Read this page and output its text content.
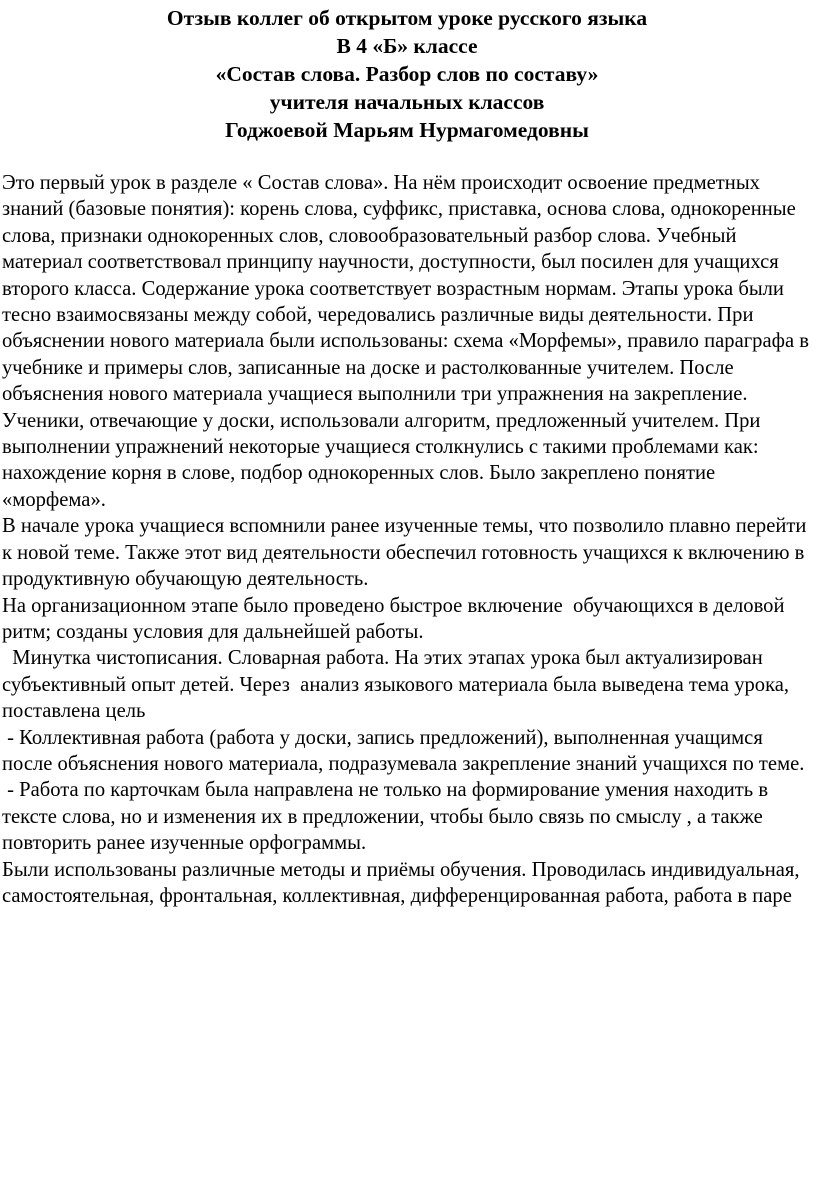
Отзыв коллег об открытом уроке русского языка
В 4 «Б» классе
«Состав слова. Разбор слов по составу»
учителя начальных классов
Годжоевой Марьям Нурмагомедовны

Это первый урок в разделе « Состав слова». На нём происходит освоение предметных знаний (базовые понятия): корень слова, суффикс, приставка, основа слова, однокоренные слова, признаки однокоренных слов, словообразовательный разбор слова. Учебный материал соответствовал принципу научности, доступности, был посилен для учащихся второго класса. Содержание урока соответствует возрастным нормам. Этапы урока были тесно взаимосвязаны между собой, чередовались различные виды деятельности. При объяснении нового материала были использованы: схема «Морфемы», правило параграфа в учебнике и примеры слов, записанные на доске и растолкованные учителем. После объяснения нового материала учащиеся выполнили три упражнения на закрепление. Ученики, отвечающие у доски, использовали алгоритм, предложенный учителем. При выполнении упражнений некоторые учащиеся столкнулись с такими проблемами как: нахождение корня в слове, подбор однокоренных слов. Было закреплено понятие «морфема».

В начале урока учащиеся вспомнили ранее изученные темы, что позволило плавно перейти к новой теме. Также этот вид деятельности обеспечил готовность учащихся к включению в продуктивную обучающую деятельность.

На организационном этапе было проведено быстрое включение  обучающихся в деловой ритм; созданы условия для дальнейшей работы.

Минутка чистописания. Словарная работа. На этих этапах урока был актуализирован субъективный опыт детей. Через  анализ языкового материала была выведена тема урока, поставлена цель

- Коллективная работа (работа у доски, запись предложений), выполненная учащимся после объяснения нового материала, подразумевала закрепление знаний учащихся по теме.

- Работа по карточкам была направлена не только на формирование умения находить в тексте слова, но и изменения их в предложении, чтобы было связь по смыслу , а также повторить ранее изученные орфограммы.

Были использованы различные методы и приёмы обучения. Проводилась индивидуальная, самостоятельная, фронтальная, коллективная, дифференцированная работа, работа в паре
